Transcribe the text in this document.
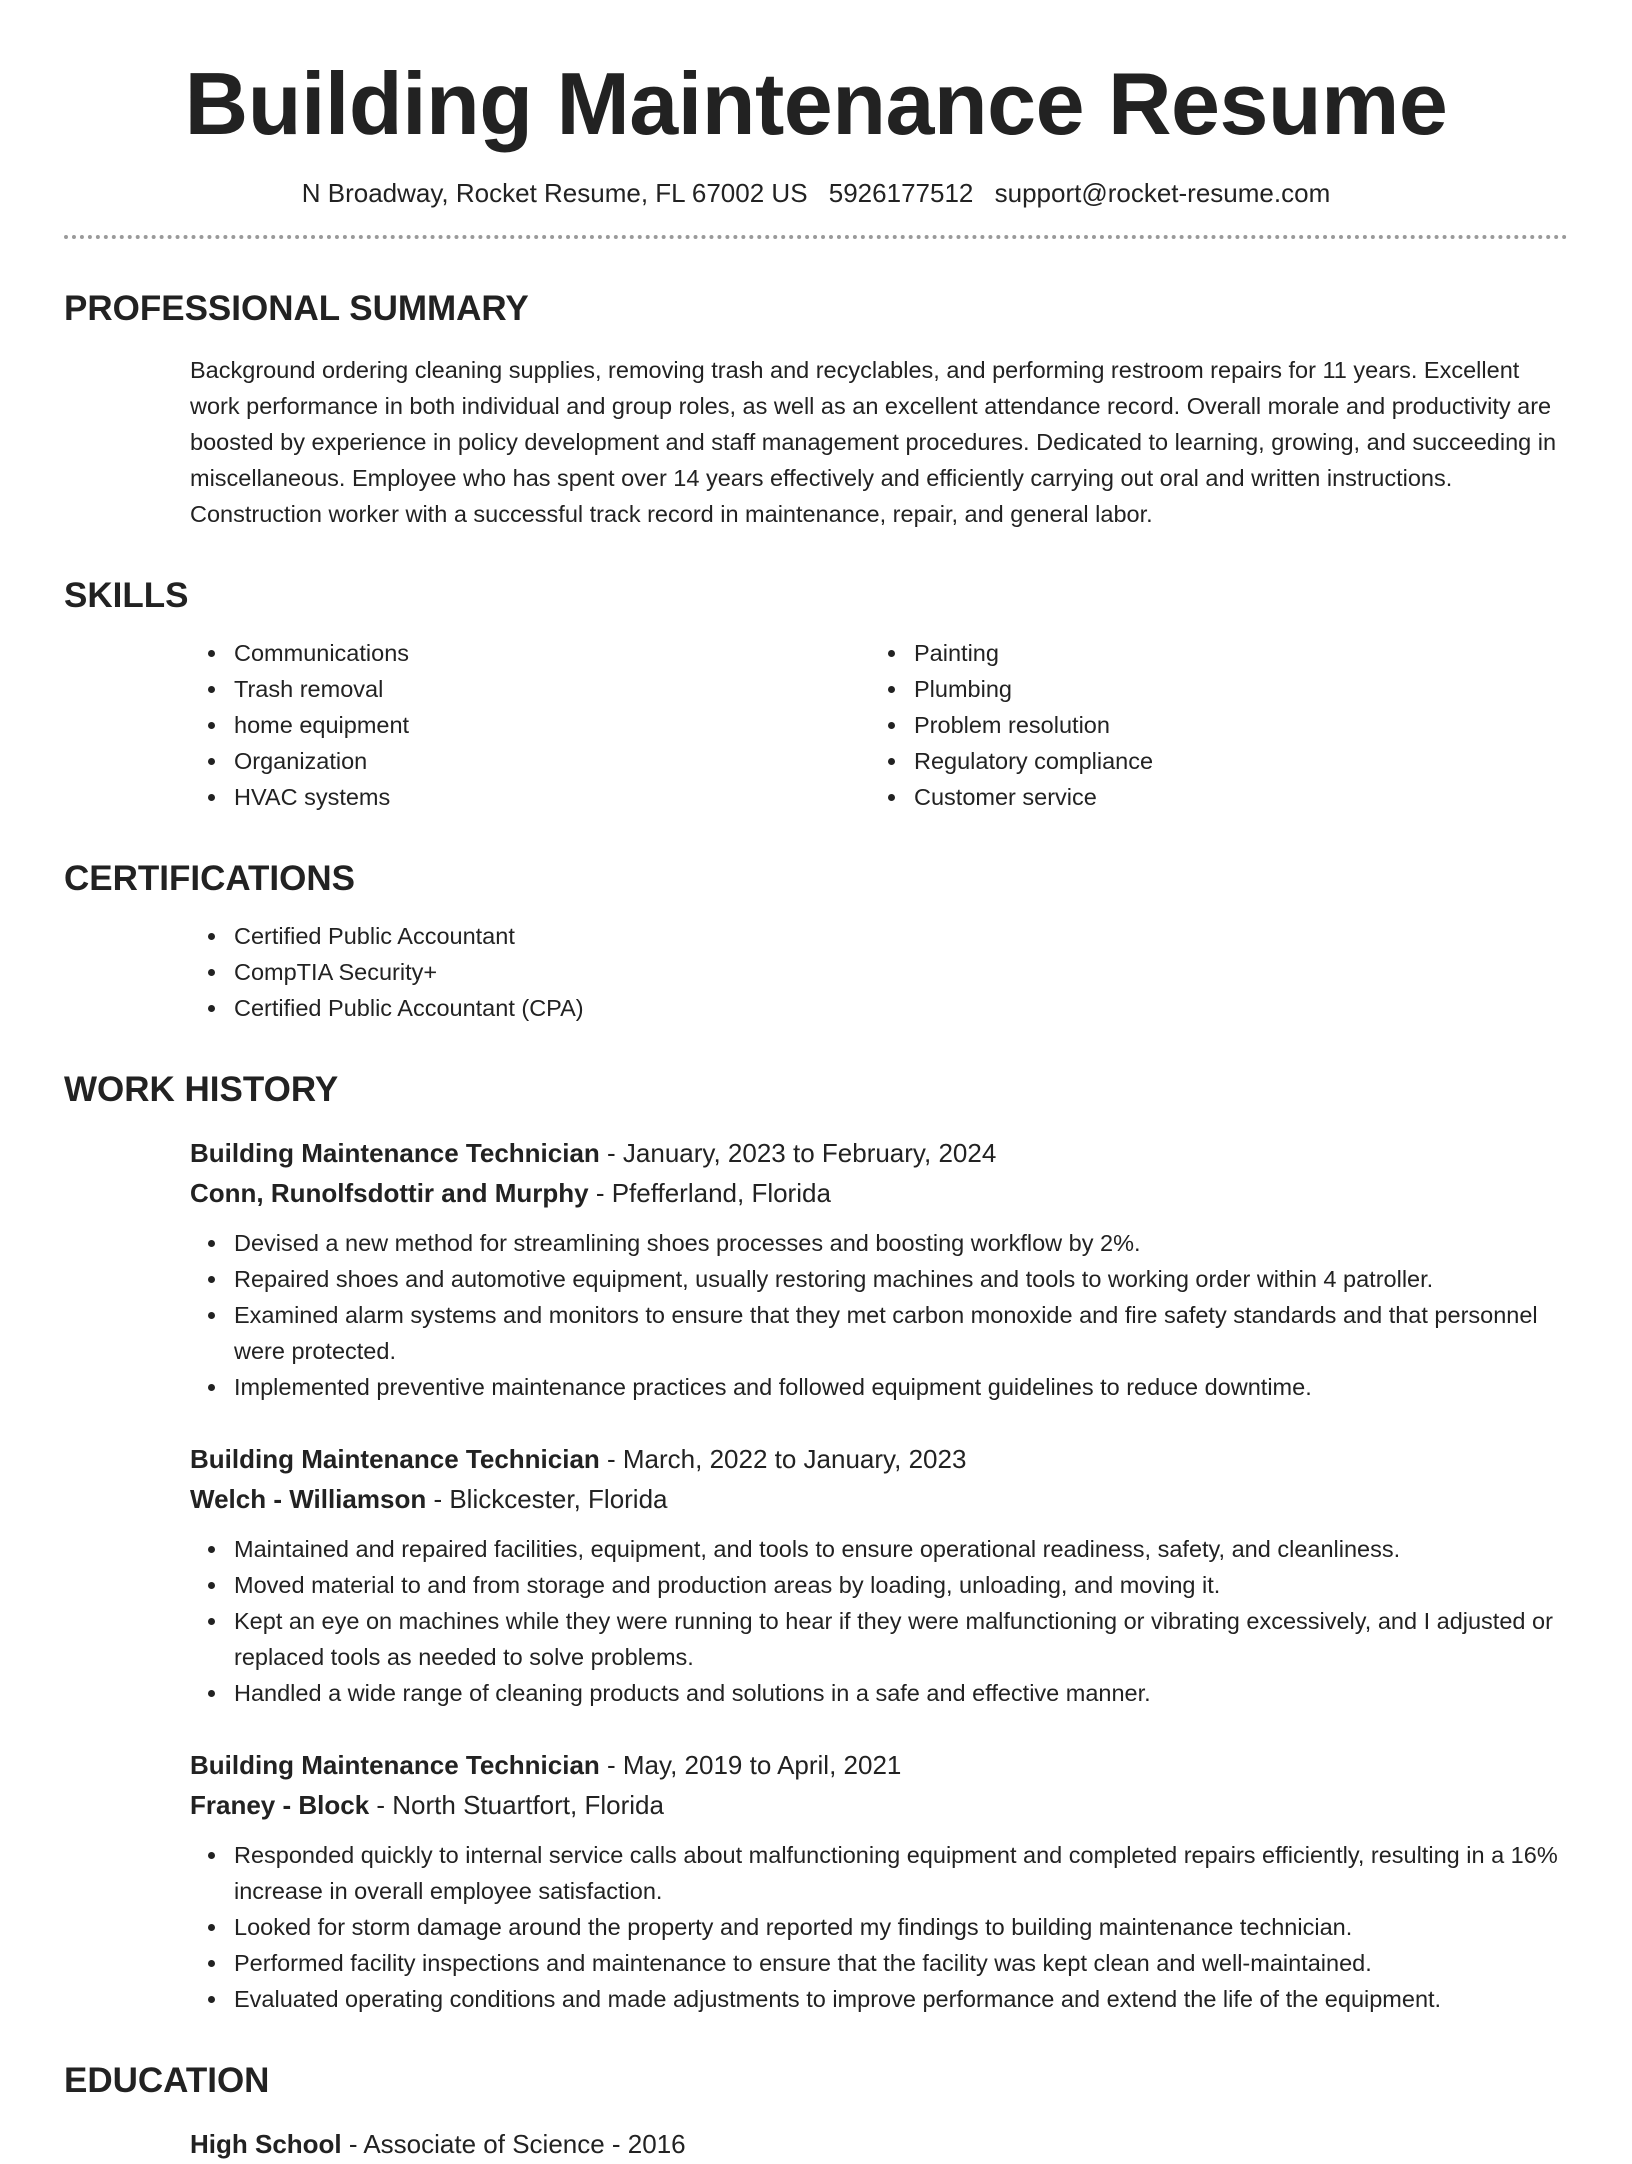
Building Maintenance Resume
N Broadway, Rocket Resume, FL 67002 US 5926177512 support@rocket-resume.com
PROFESSIONAL SUMMARY
Background ordering cleaning supplies, removing trash and recyclables, and performing restroom repairs for 11 years. Excellent work performance in both individual and group roles, as well as an excellent attendance record. Overall morale and productivity are boosted by experience in policy development and staff management procedures. Dedicated to learning, growing, and succeeding in miscellaneous. Employee who has spent over 14 years effectively and efficiently carrying out oral and written instructions. Construction worker with a successful track record in maintenance, repair, and general labor.
SKILLS
Communications
Trash removal
home equipment
Organization
HVAC systems
Painting
Plumbing
Problem resolution
Regulatory compliance
Customer service
CERTIFICATIONS
Certified Public Accountant
CompTIA Security+
Certified Public Accountant (CPA)
WORK HISTORY
Building Maintenance Technician - January, 2023 to February, 2024
Conn, Runolfsdottir and Murphy - Pfefferland, Florida
Devised a new method for streamlining shoes processes and boosting workflow by 2%.
Repaired shoes and automotive equipment, usually restoring machines and tools to working order within 4 patroller.
Examined alarm systems and monitors to ensure that they met carbon monoxide and fire safety standards and that personnel were protected.
Implemented preventive maintenance practices and followed equipment guidelines to reduce downtime.
Building Maintenance Technician - March, 2022 to January, 2023
Welch - Williamson - Blickcester, Florida
Maintained and repaired facilities, equipment, and tools to ensure operational readiness, safety, and cleanliness.
Moved material to and from storage and production areas by loading, unloading, and moving it.
Kept an eye on machines while they were running to hear if they were malfunctioning or vibrating excessively, and I adjusted or replaced tools as needed to solve problems.
Handled a wide range of cleaning products and solutions in a safe and effective manner.
Building Maintenance Technician - May, 2019 to April, 2021
Franey - Block - North Stuartfort, Florida
Responded quickly to internal service calls about malfunctioning equipment and completed repairs efficiently, resulting in a 16% increase in overall employee satisfaction.
Looked for storm damage around the property and reported my findings to building maintenance technician.
Performed facility inspections and maintenance to ensure that the facility was kept clean and well-maintained.
Evaluated operating conditions and made adjustments to improve performance and extend the life of the equipment.
EDUCATION
High School - Associate of Science - 2016
